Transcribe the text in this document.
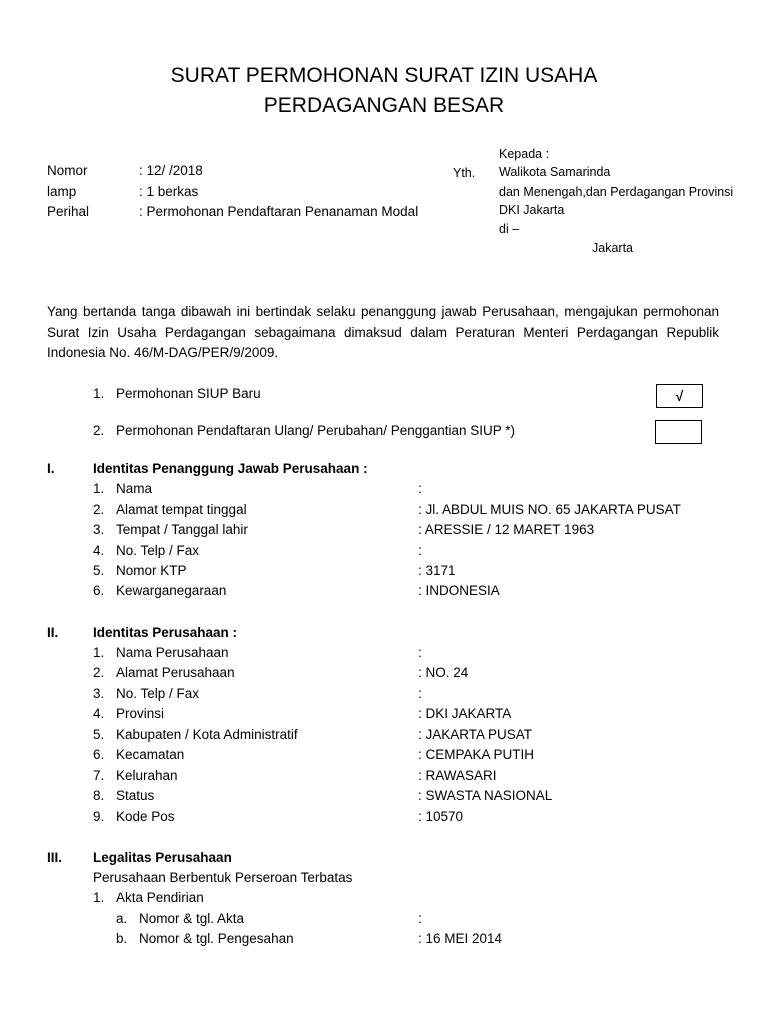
SURAT PERMOHONAN SURAT IZIN USAHA
PERDAGANGAN BESAR
Nomor	: 12/ /2018
lamp	: 1 berkas
Perihal	: Permohonan Pendaftaran Penanaman Modal
Yth.
Kepada :
Walikota Samarinda
dan Menengah,dan Perdagangan Provinsi
DKI Jakarta
di –
Jakarta
Yang bertanda tanga dibawah ini bertindak selaku penanggung jawab Perusahaan, mengajukan permohonan Surat Izin Usaha Perdagangan sebagaimana dimaksud dalam Peraturan Menteri Perdagangan Republik Indonesia No. 46/M-DAG/PER/9/2009.
1. Permohonan SIUP Baru	√
2. Permohonan Pendaftaran Ulang/ Perubahan/ Penggantian SIUP *)
I.	Identitas Penanggung Jawab Perusahaan :
1. Nama	:
2. Alamat tempat tinggal	: Jl. ABDUL MUIS NO. 65 JAKARTA PUSAT
3. Tempat / Tanggal lahir	: ARESSIE / 12 MARET 1963
4. No. Telp / Fax	:
5. Nomor KTP	: 3171
6. Kewarganegaraan	: INDONESIA
II.	Identitas Perusahaan :
1. Nama Perusahaan	:
2. Alamat Perusahaan	: NO. 24
3. No. Telp / Fax	:
4. Provinsi	: DKI JAKARTA
5. Kabupaten / Kota Administratif	: JAKARTA PUSAT
6. Kecamatan	: CEMPAKA PUTIH
7. Kelurahan	: RAWASARI
8. Status	: SWASTA NASIONAL
9. Kode Pos	: 10570
III. Legalitas Perusahaan
Perusahaan Berbentuk Perseroan Terbatas
1. Akta Pendirian
a. Nomor & tgl. Akta	:
b. Nomor & tgl. Pengesahan	: 16 MEI 2014
